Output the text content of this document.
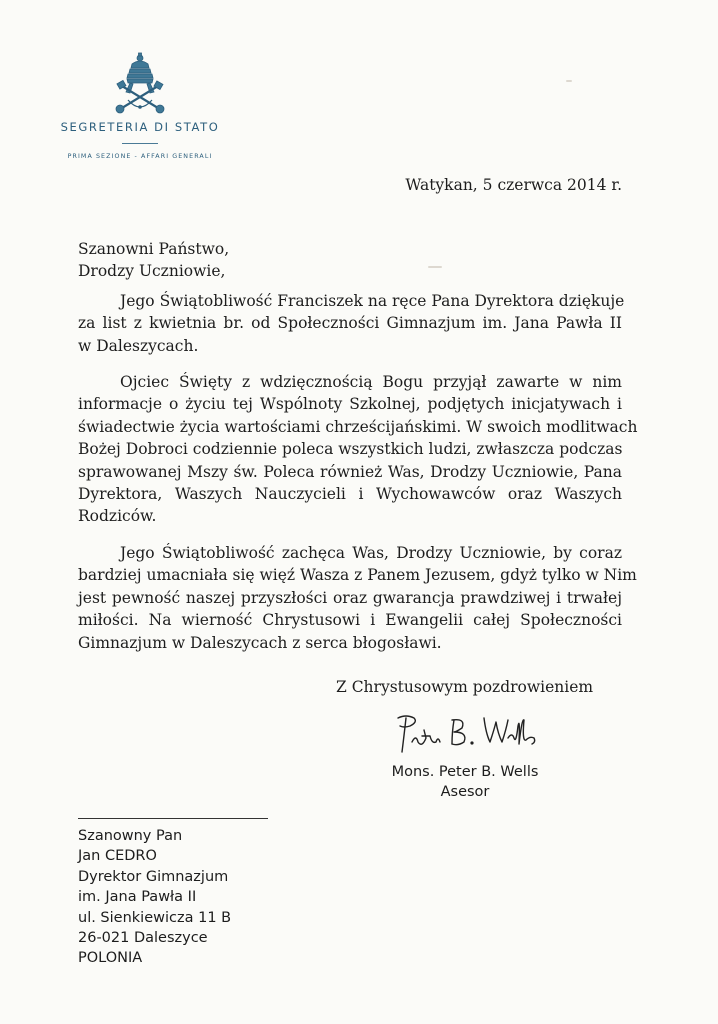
SEGRETERIA DI STATO
PRIMA SEZIONE - AFFARI GENERALI
Watykan, 5 czerwca 2014 r.
Szanowni Państwo,
Drodzy Uczniowie,
Jego Świątobliwość Franciszek na ręce Pana Dyrektora dziękuje
za list z kwietnia br. od Społeczności Gimnazjum im. Jana Pawła II
w Daleszycach.
Ojciec Święty z wdzięcznością Bogu przyjął zawarte w nim
informacje o życiu tej Wspólnoty Szkolnej, podjętych inicjatywach i
świadectwie życia wartościami chrześcijańskimi. W swoich modlitwach
Bożej Dobroci codziennie poleca wszystkich ludzi, zwłaszcza podczas
sprawowanej Mszy św. Poleca również Was, Drodzy Uczniowie, Pana
Dyrektora, Waszych Nauczycieli i Wychowawców oraz Waszych
Rodziców.
Jego Świątobliwość zachęca Was, Drodzy Uczniowie, by coraz
bardziej umacniała się więź Wasza z Panem Jezusem, gdyż tylko w Nim
jest pewność naszej przyszłości oraz gwarancja prawdziwej i trwałej
miłości. Na wierność Chrystusowi i Ewangelii całej Społeczności
Gimnazjum w Daleszycach z serca błogosławi.
Z Chrystusowym pozdrowieniem
Mons. Peter B. Wells
Asesor
Szanowny Pan
Jan CEDRO
Dyrektor Gimnazjum
im. Jana Pawła II
ul. Sienkiewicza 11 B
26-021 Daleszyce
POLONIA
